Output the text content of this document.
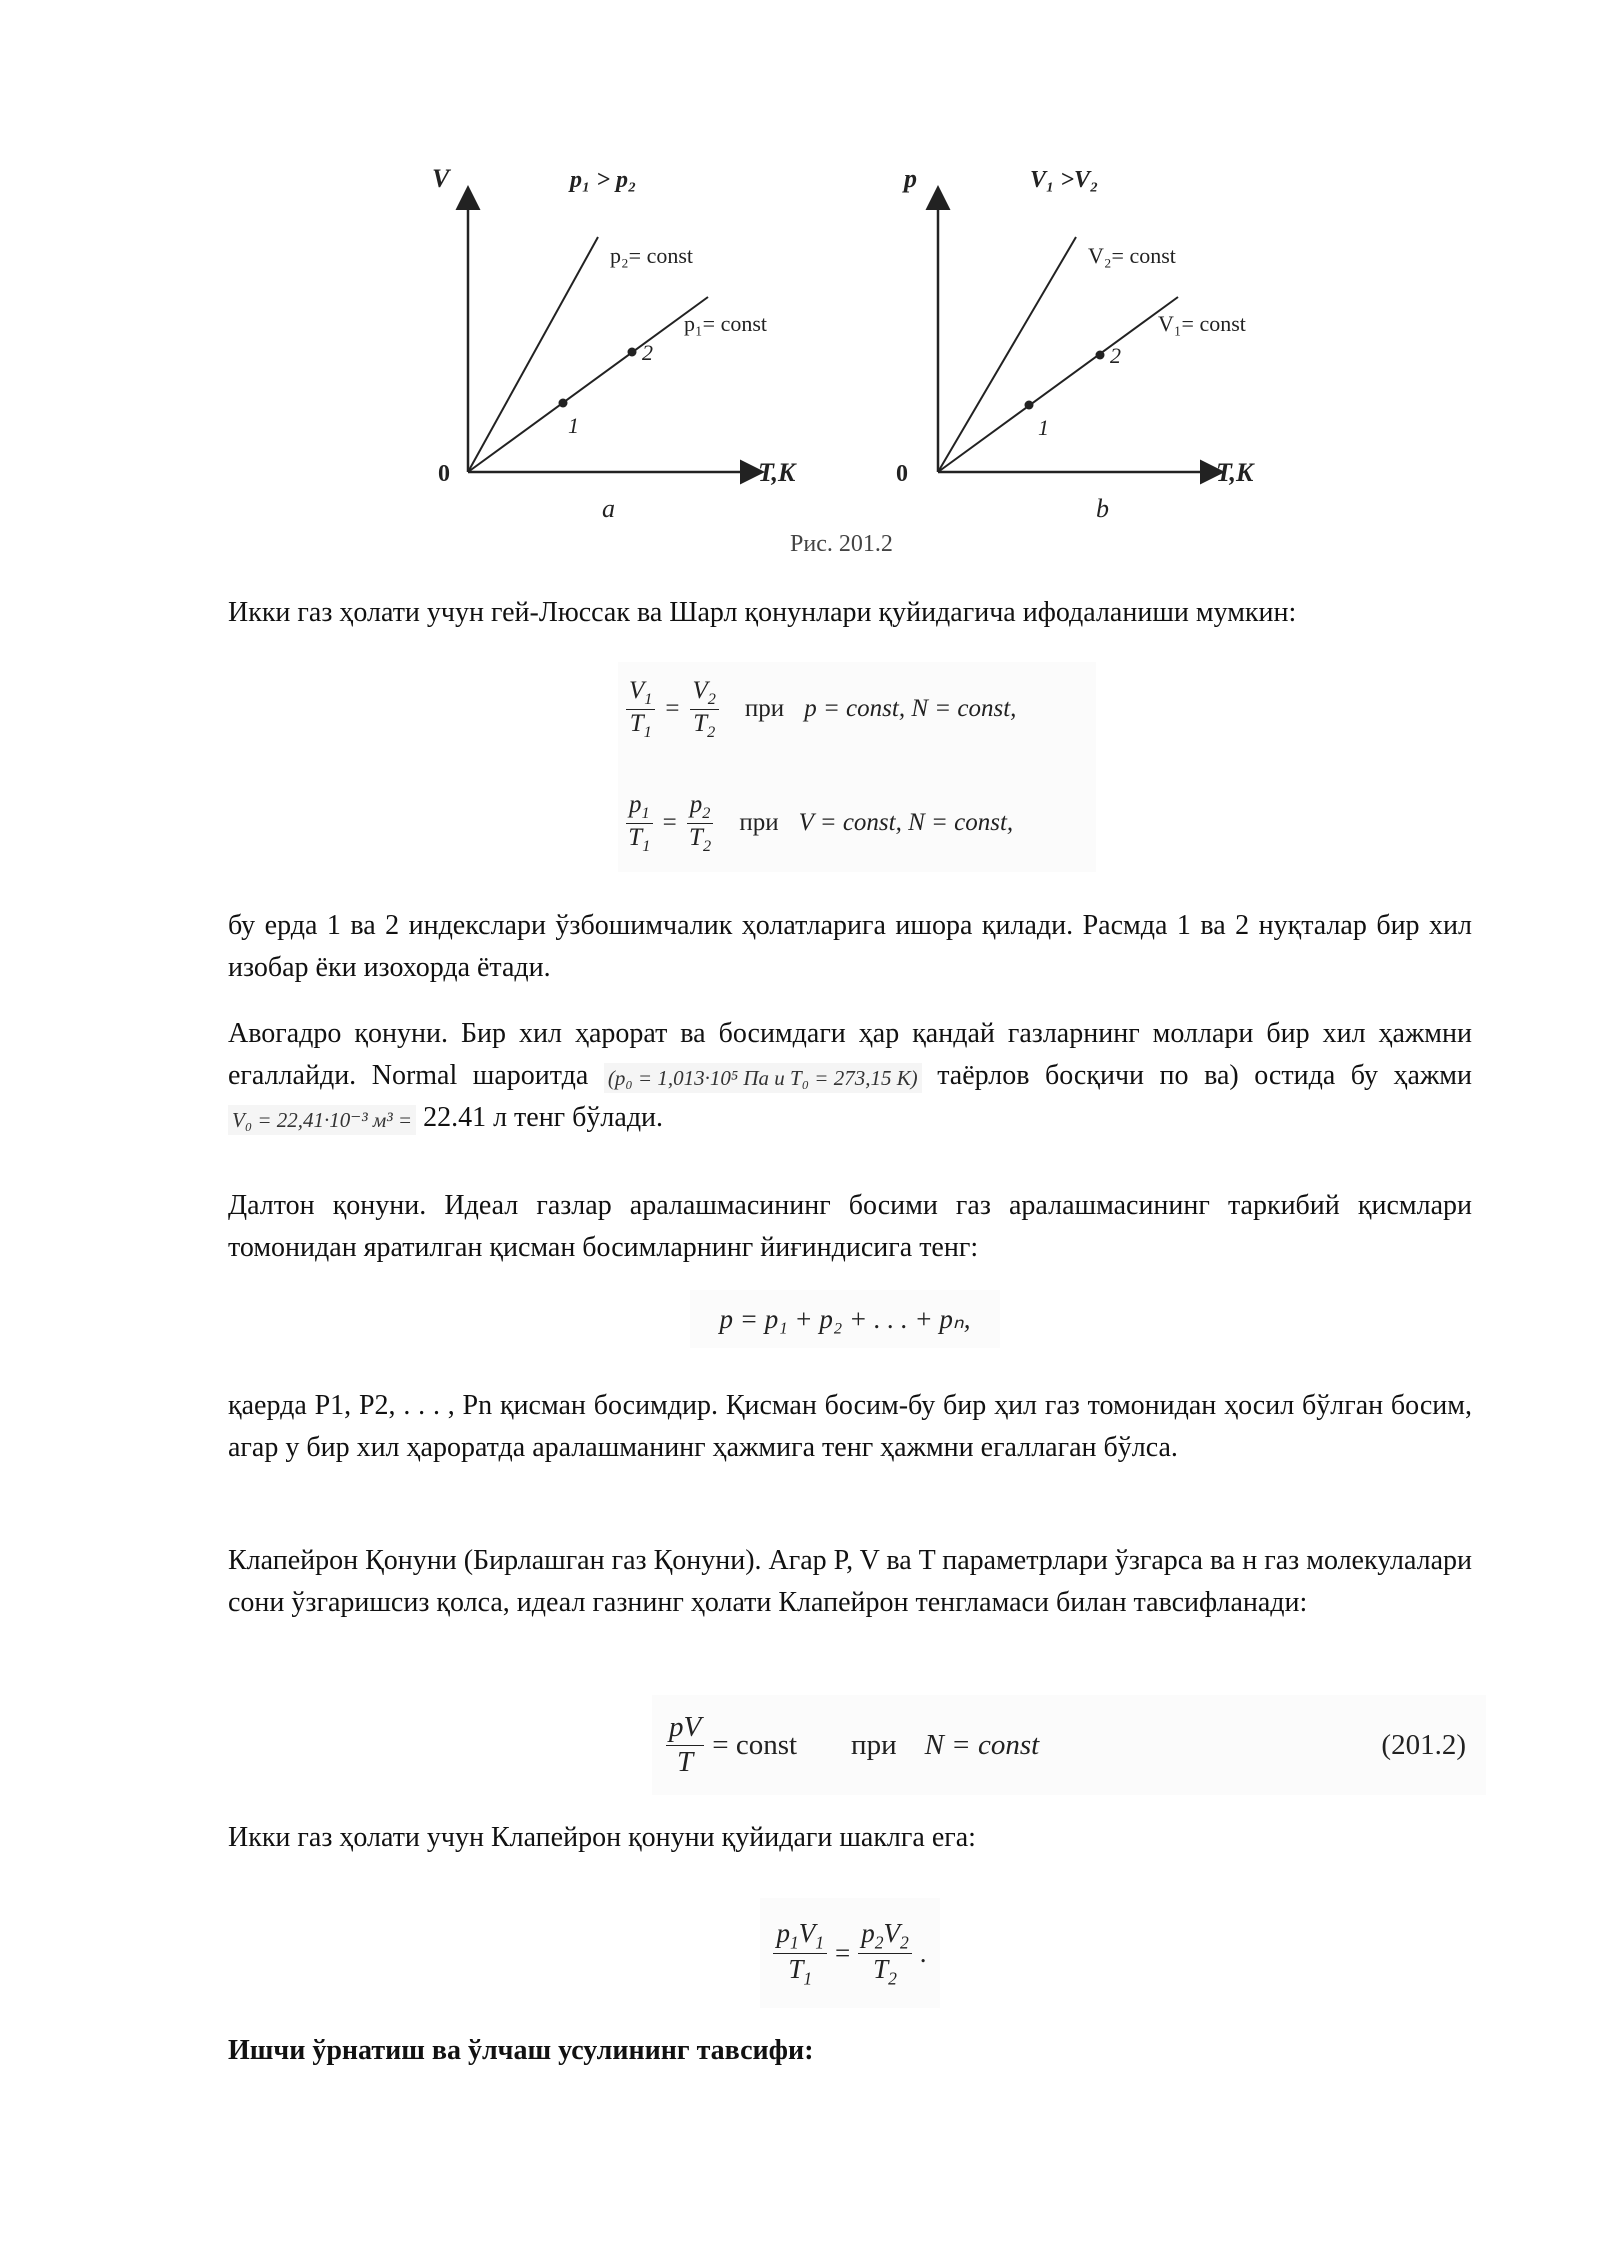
V
T,K
0
p₁ > p₂
p₂= const
p₁= const
1
2
a
p
T,K
0
V₁ >V₂
V₂= const
V₁= const
1
2
b
Рис. 201.2

Икки газ ҳолати учун гей-Люссак ва Шарл қонунлари қуйидагича ифодаланиши мумкин:

$\frac{V_1}{T_1} = \frac{V_2}{T_2}$ при p = const, N = const,
$\frac{p_1}{T_1} = \frac{p_2}{T_2}$ при V = const, N = const,

бу ерда 1 ва 2 индекслари ўзбошимчалик ҳолатларига ишора қилади. Расмда 1 ва 2 нуқталар бир хил изобар ёки изохорда ётади.

Авогадро қонуни. Бир хил ҳарорат ва босимдаги ҳар қандай газларнинг моллари бир хил ҳажмни егаллайди. Normal шароитда (p₀ = 1,013·10⁵ Па и T₀ = 273,15 К) таёрлов босқичи по ва) остида бу ҳажми V₀ = 22,41·10⁻³ м³ = 22.41 л тенг бўлади.

Далтон қонуни. Идеал газлар аралашмасининг босими газ аралашмасининг таркибий қисмлари томонидан яратилган қисман босимларнинг йиғиндисига тенг:

p = p₁ + p₂ + . . . + pₙ,

қаерда P1, P2, . . . , Pn қисман босимдир. Қисман босим-бу бир ҳил газ томонидан ҳосил бўлган босим, агар у бир хил ҳароратда аралашманинг ҳажмига тенг ҳажмни егаллаган бўлса.

Клапейрон Қонуни (Бирлашган газ Қонуни). Агар P, V ва T параметрлари ўзгарса ва н газ молекулалари сони ўзгаришсиз қолса, идеал газнинг ҳолати Клапейрон тенгламаси билан тавсифланади:

$\frac{pV}{T}$ = const при N = const	(201.2)

Икки газ ҳолати учун Клапейрон қонуни қуйидаги шаклга ега:

$\frac{p_1V_1}{T_1} = \frac{p_2V_2}{T_2}$ .

Ишчи ўрнатиш ва ўлчаш усулининг тавсифи:
